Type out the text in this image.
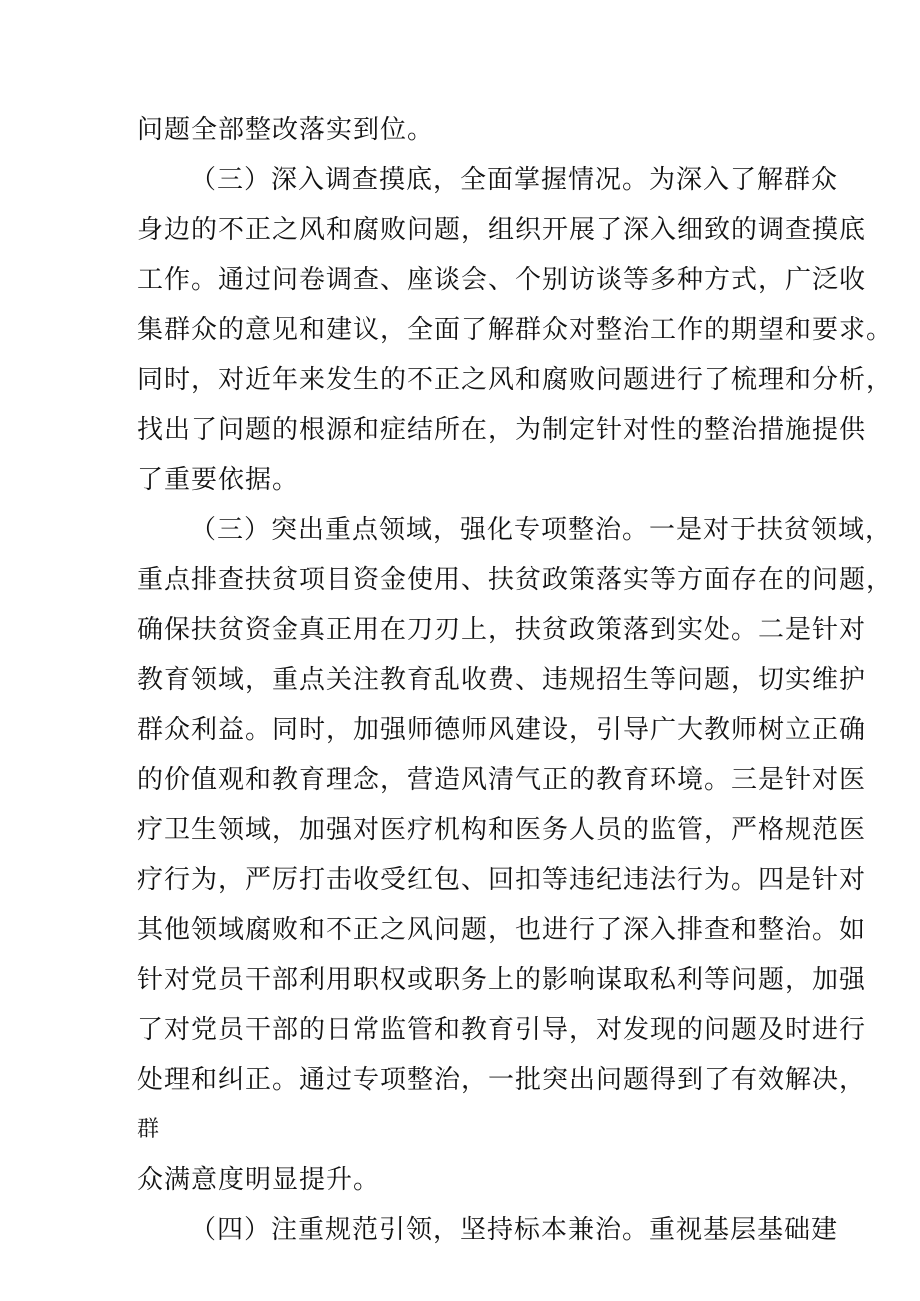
问题全部整改落实到位。
（三）深入调查摸底，全面掌握情况。为深入了解群众
身边的不正之风和腐败问题，组织开展了深入细致的调查摸底
工作。通过问卷调查、座谈会、个别访谈等多种方式，广泛收
集群众的意见和建议，全面了解群众对整治工作的期望和要求。
同时，对近年来发生的不正之风和腐败问题进行了梳理和分析，
找出了问题的根源和症结所在，为制定针对性的整治措施提供
了重要依据。
（三）突出重点领域，强化专项整治。一是对于扶贫领域，
重点排查扶贫项目资金使用、扶贫政策落实等方面存在的问题，
确保扶贫资金真正用在刀刃上，扶贫政策落到实处。二是针对
教育领域，重点关注教育乱收费、违规招生等问题，切实维护
群众利益。同时，加强师德师风建设，引导广大教师树立正确
的价值观和教育理念，营造风清气正的教育环境。三是针对医
疗卫生领域，加强对医疗机构和医务人员的监管，严格规范医
疗行为，严厉打击收受红包、回扣等违纪违法行为。四是针对
其他领域腐败和不正之风问题，也进行了深入排查和整治。如
针对党员干部利用职权或职务上的影响谋取私利等问题，加强
了对党员干部的日常监管和教育引导，对发现的问题及时进行
处理和纠正。通过专项整治，一批突出问题得到了有效解决，
群
众满意度明显提升。
（四）注重规范引领，坚持标本兼治。重视基层基础建
